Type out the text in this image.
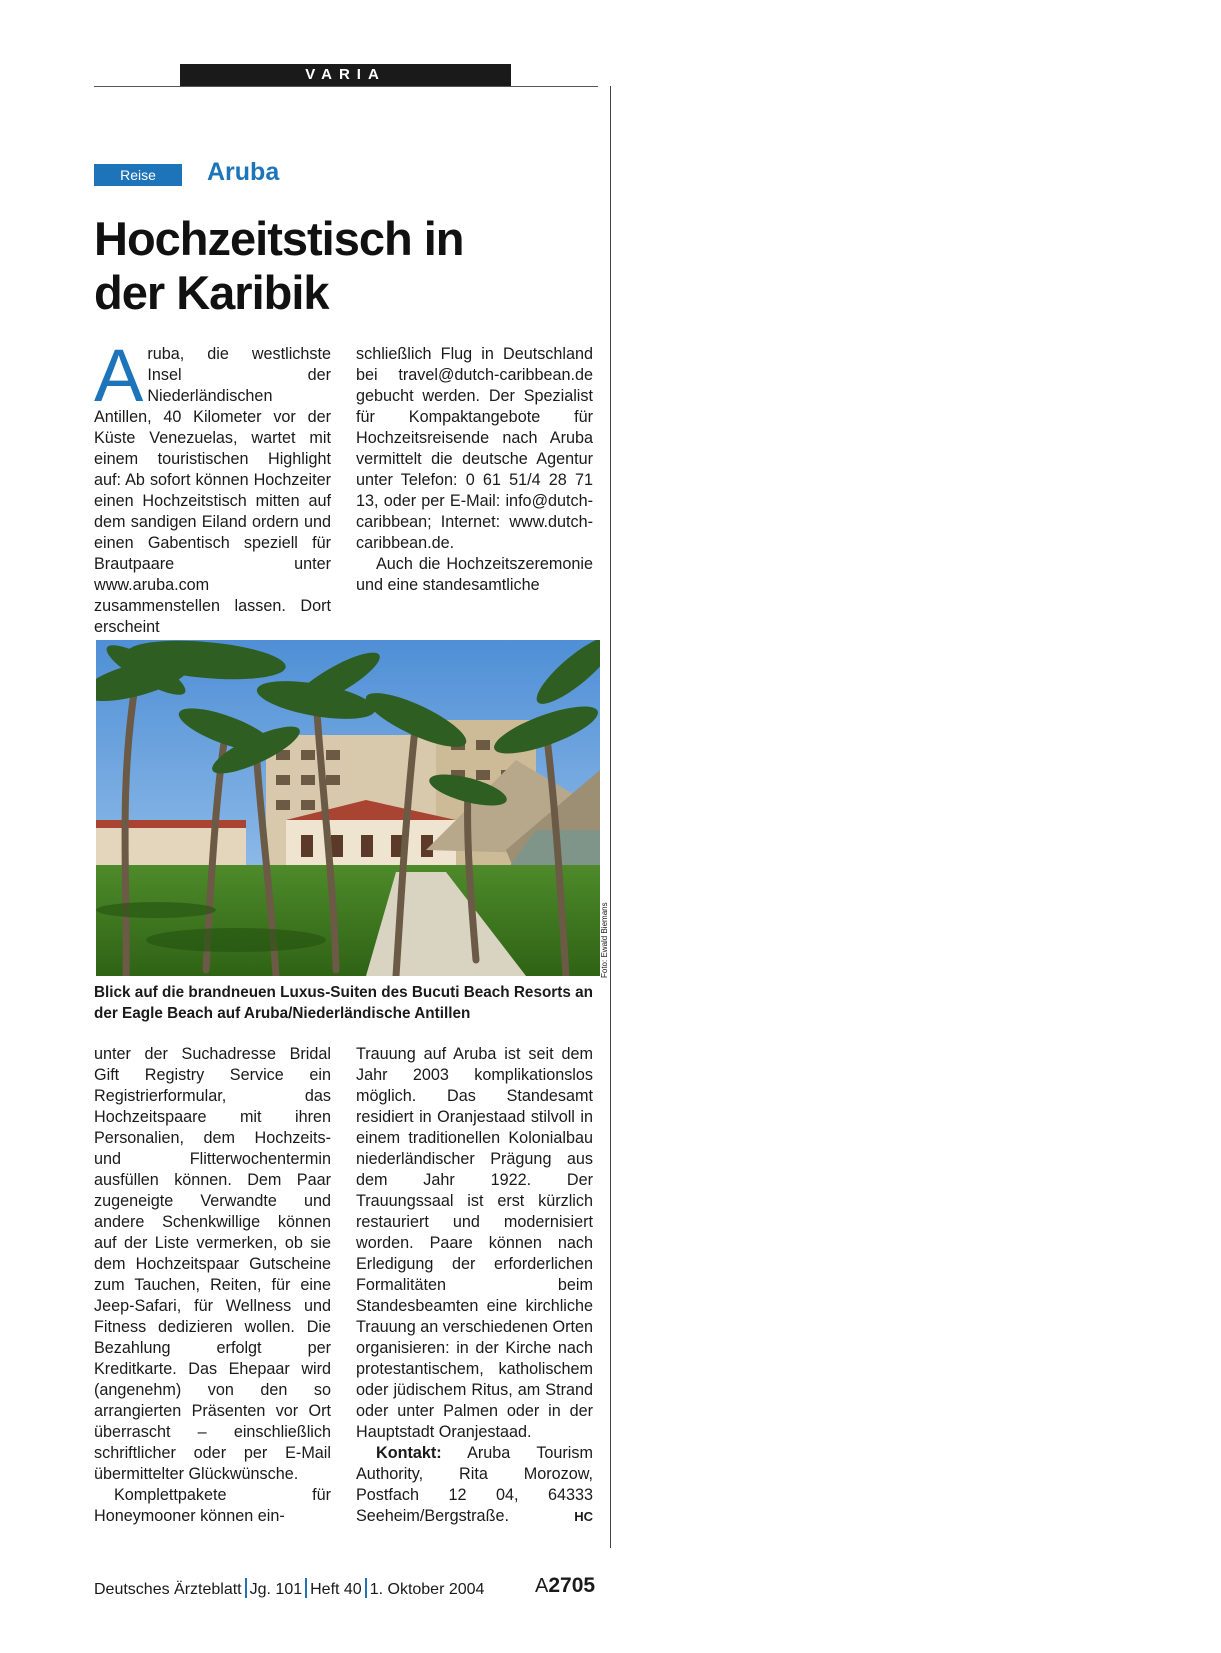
VARIA
Reise	Aruba
Hochzeitstisch in
der Karibik

Aruba, die westlichste Insel der Niederländischen Antillen, 40 Kilometer vor der Küste Venezuelas, wartet mit einem touristischen Highlight auf: Ab sofort können Hochzeiter einen Hochzeitstisch mitten auf dem sandigen Eiland ordern und einen Gabentisch speziell für Brautpaare unter www.aruba.com zusammenstellen lassen. Dort erscheint

schließlich Flug in Deutschland bei travel@dutch-caribbean.de gebucht werden. Der Spezialist für Kompaktangebote für Hochzeitsreisende nach Aruba vermittelt die deutsche Agentur unter Telefon: 0 61 51/4 28 71 13, oder per E-Mail: info@dutch-caribbean; Internet: www.dutch-caribbean.de.

Auch die Hochzeitszeremonie und eine standesamtliche

Foto: Ewald Biemans
Blick auf die brandneuen Luxus-Suiten des Bucuti Beach Resorts an der Eagle Beach auf Aruba/Niederländische Antillen

unter der Suchadresse Bridal Gift Registry Service ein Registrierformular, das Hochzeitspaare mit ihren Personalien, dem Hochzeits- und Flitterwochentermin ausfüllen können. Dem Paar zugeneigte Verwandte und andere Schenkwillige können auf der Liste vermerken, ob sie dem Hochzeitspaar Gutscheine zum Tauchen, Reiten, für eine Jeep-Safari, für Wellness und Fitness dedizieren wollen. Die Bezahlung erfolgt per Kreditkarte. Das Ehepaar wird (angenehm) von den so arrangierten Präsenten vor Ort überrascht – einschließlich schriftlicher oder per E-Mail übermittelter Glückwünsche.

Komplettpakete für Honeymooner können ein-

Trauung auf Aruba ist seit dem Jahr 2003 komplikationslos möglich. Das Standesamt residiert in Oranjestaad stilvoll in einem traditionellen Kolonialbau niederländischer Prägung aus dem Jahr 1922. Der Trauungssaal ist erst kürzlich restauriert und modernisiert worden. Paare können nach Erledigung der erforderlichen Formalitäten beim Standesbeamten eine kirchliche Trauung an verschiedenen Orten organisieren: in der Kirche nach protestantischem, katholischem oder jüdischem Ritus, am Strand oder unter Palmen oder in der Hauptstadt Oranjestaad.

Kontakt: Aruba Tourism Authority, Rita Morozow, Postfach 12 04, 64333 Seeheim/Bergstraße.	HC

Deutsches Ärzteblatt Jg. 101 Heft 40 1. Oktober 2004	A2705
